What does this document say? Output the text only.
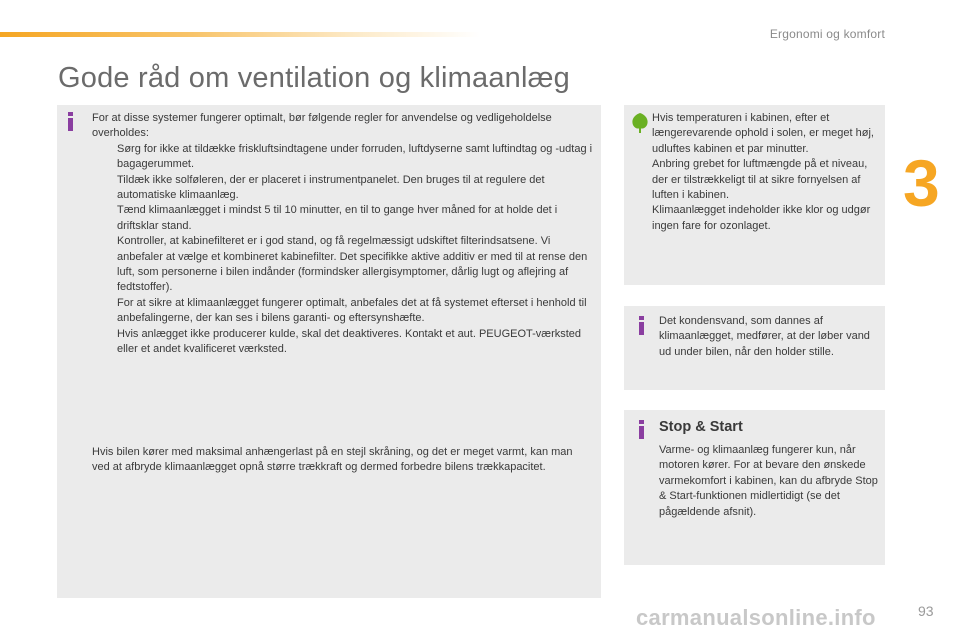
Ergonomi og komfort
3
Gode råd om ventilation og klimaanlæg

For at disse systemer fungerer optimalt, bør følgende regler for anvendelse og vedligeholdelse overholdes:

Sørg for ikke at tildække friskluftsindtagene under forruden, luftdyserne samt luftindtag og -udtag i bagagerummet.
Tildæk ikke solføleren, der er placeret i instrumentpanelet. Den bruges til at regulere det automatiske klimaanlæg.
Tænd klimaanlægget i mindst 5 til 10 minutter, en til to gange hver måned for at holde det i driftsklar stand.
Kontroller, at kabinefilteret er i god stand, og få regelmæssigt udskiftet filterindsatsene. Vi anbefaler at vælge et kombineret kabinefilter. Det specifikke aktive additiv er med til at rense den luft, som personerne i bilen indånder (formindsker allergisymptomer, dårlig lugt og aflejring af fedtstoffer).
For at sikre at klimaanlægget fungerer optimalt, anbefales det at få systemet efterset i henhold til anbefalingerne, der kan ses i bilens garanti- og eftersynshæfte.
Hvis anlægget ikke producerer kulde, skal det deaktiveres. Kontakt et aut. PEUGEOT-værksted eller et andet kvalificeret værksted.

Hvis bilen kører med maksimal anhængerlast på en stejl skråning, og det er meget varmt, kan man ved at afbryde klimaanlægget opnå større trækkraft og dermed forbedre bilens trækkapacitet.

Hvis temperaturen i kabinen, efter et længerevarende ophold i solen, er meget høj, udluftes kabinen et par minutter.
Anbring grebet for luftmængde på et niveau, der er tilstrækkeligt til at sikre fornyelsen af luften i kabinen.
Klimaanlægget indeholder ikke klor og udgør ingen fare for ozonlaget.

Det kondensvand, som dannes af klimaanlægget, medfører, at der løber vand ud under bilen, når den holder stille.

Stop & Start

Varme- og klimaanlæg fungerer kun, når motoren kører. For at bevare den ønskede varmekomfort i kabinen, kan du afbryde Stop & Start-funktionen midlertidigt (se det pågældende afsnit).

carmanualsonline.info	93
